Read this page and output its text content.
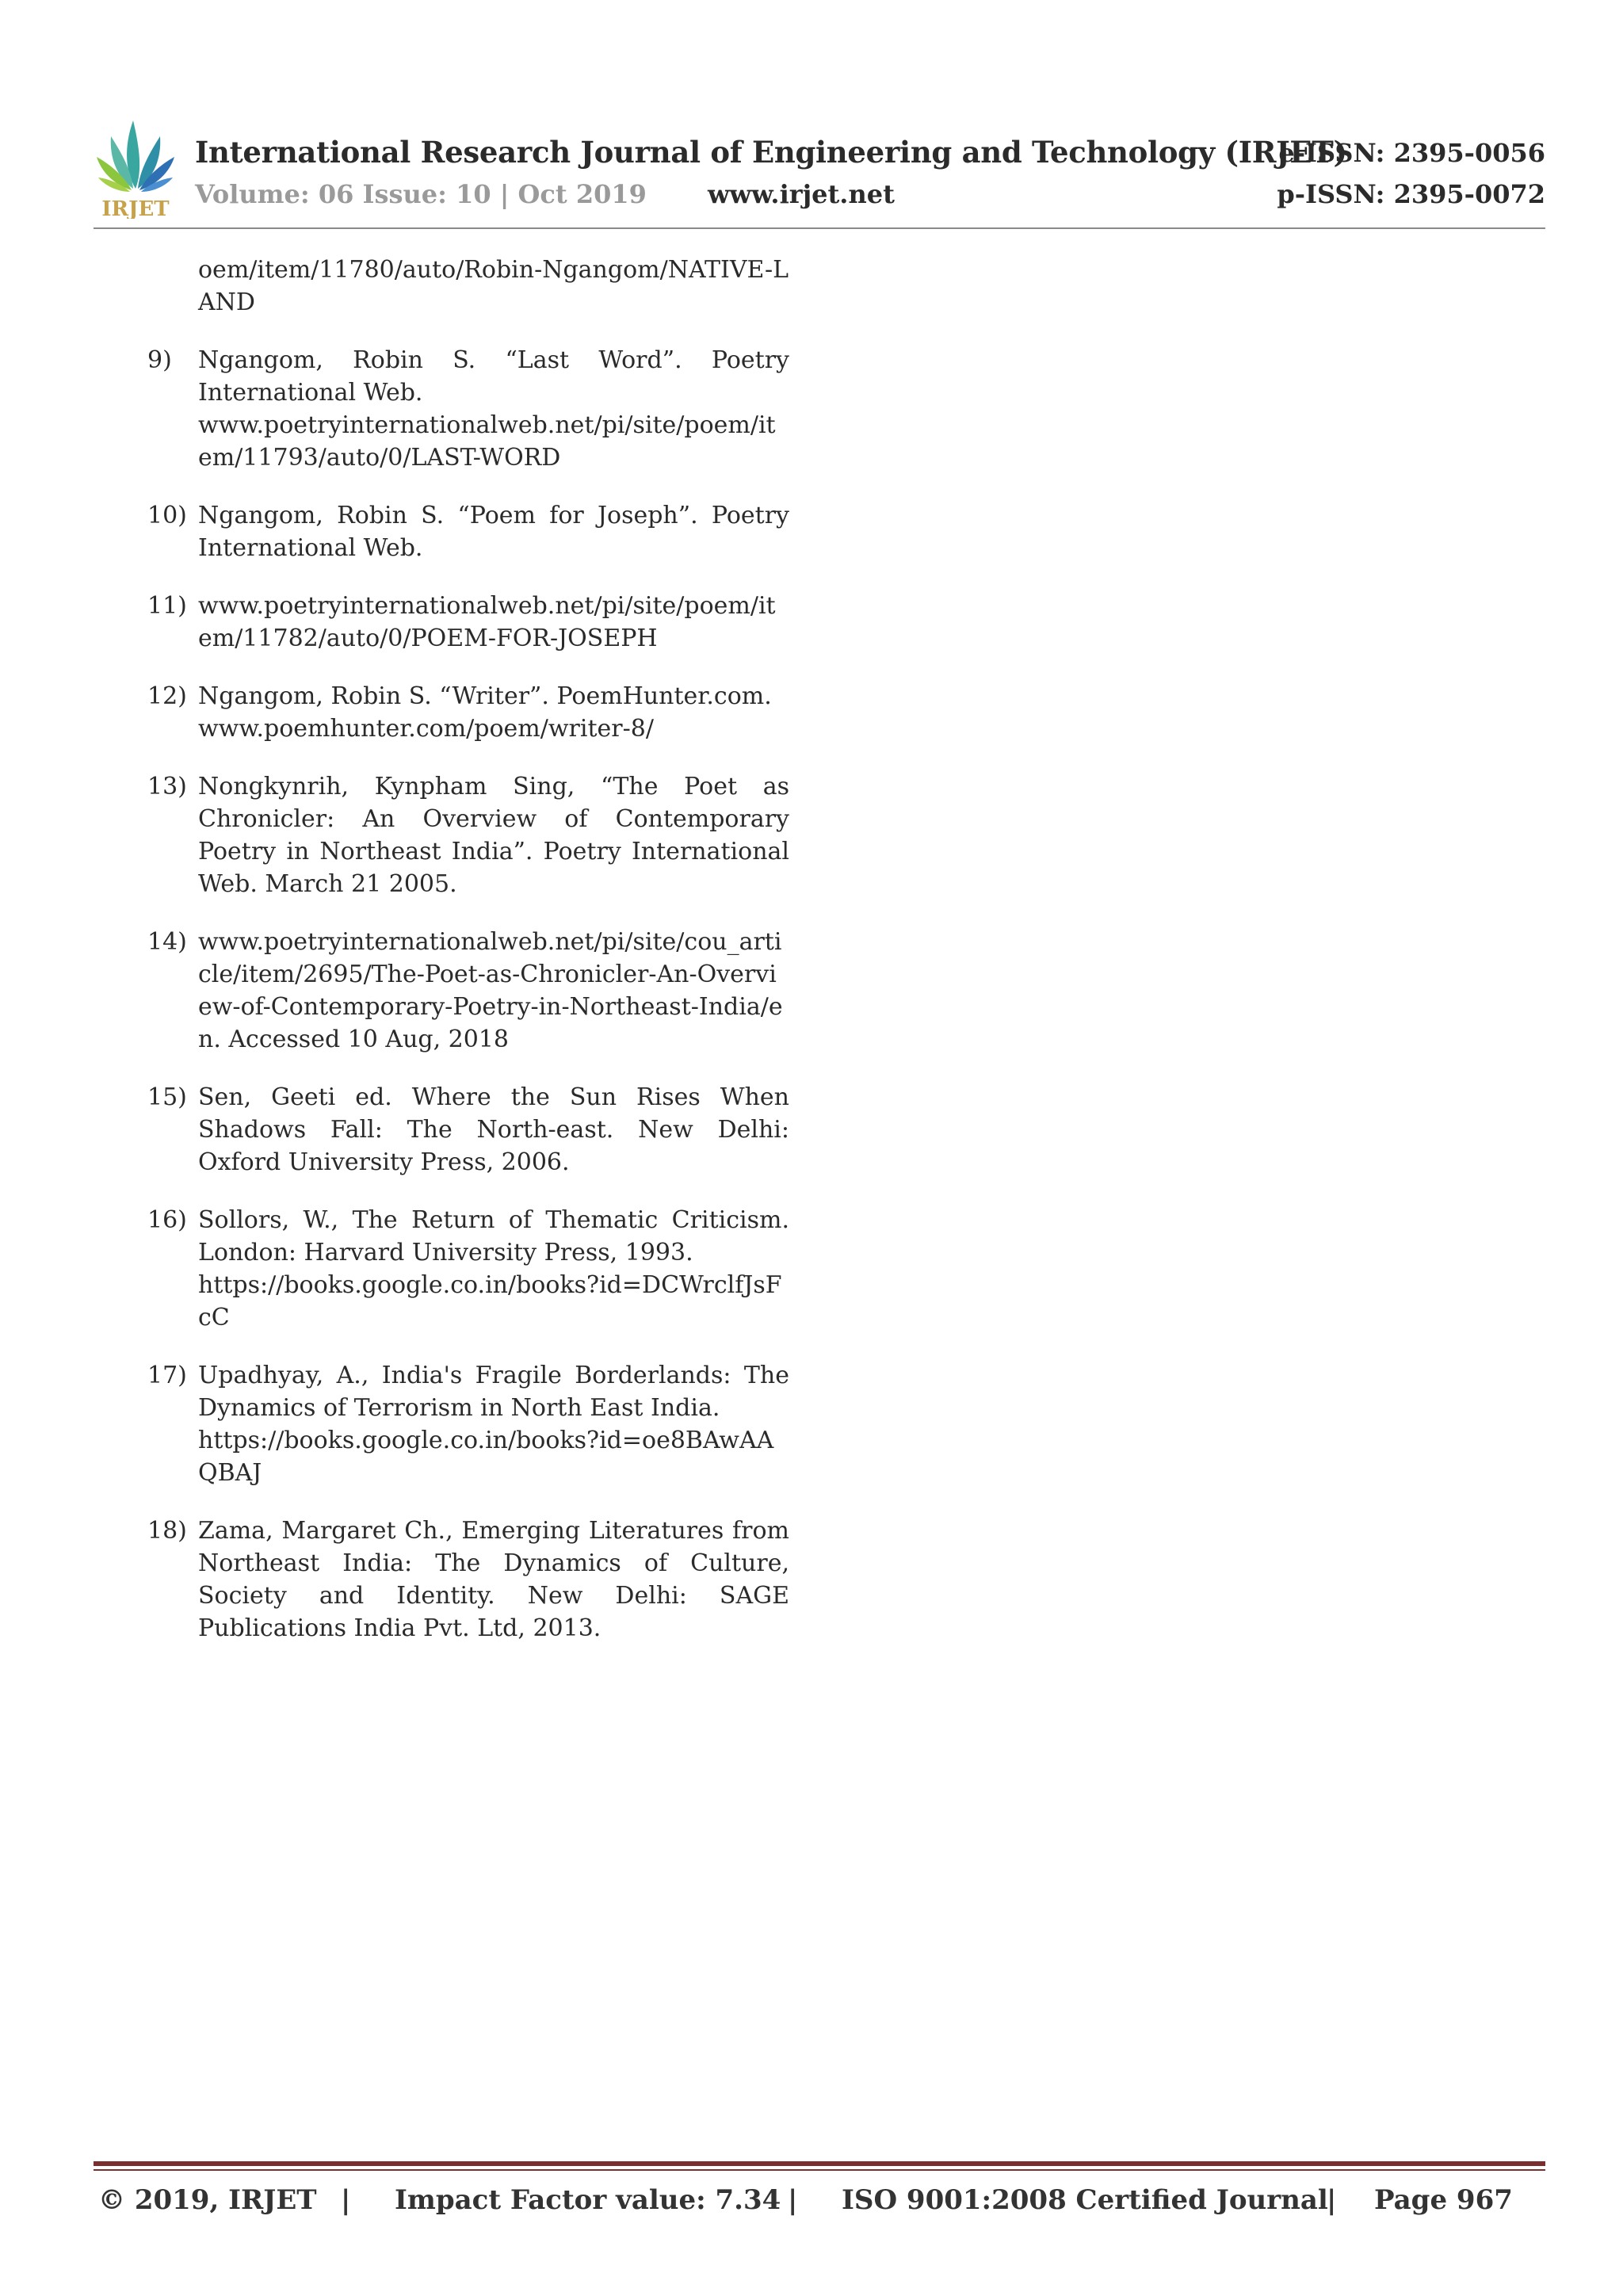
IRJET
International Research Journal of Engineering and Technology (IRJET)
Volume: 06 Issue: 10 | Oct 2019 www.irjet.net
e-ISSN: 2395-0056
p-ISSN: 2395-0072
oem/item/11780/auto/Robin-Ngangom/NATIVE-LAND
9) Ngangom, Robin S. “Last Word”. Poetry International Web.
www.poetryinternationalweb.net/pi/site/poem/item/11793/auto/0/LAST-WORD
10) Ngangom, Robin S. “Poem for Joseph”. Poetry International Web.
11) www.poetryinternationalweb.net/pi/site/poem/item/11782/auto/0/POEM-FOR-JOSEPH
12) Ngangom, Robin S. “Writer”. PoemHunter.com.
www.poemhunter.com/poem/writer-8/
13) Nongkynrih, Kynpham Sing, “The Poet as Chronicler: An Overview of Contemporary Poetry in Northeast India”. Poetry International Web. March 21 2005.
14) www.poetryinternationalweb.net/pi/site/cou_article/item/2695/The-Poet-as-Chronicler-An-Overview-of-Contemporary-Poetry-in-Northeast-India/en. Accessed 10 Aug, 2018
15) Sen, Geeti ed. Where the Sun Rises When Shadows Fall: The North-east. New Delhi: Oxford University Press, 2006.
16) Sollors, W., The Return of Thematic Criticism. London: Harvard University Press, 1993.
https://books.google.co.in/books?id=DCWrclfJsFcC
17) Upadhyay, A., India's Fragile Borderlands: The Dynamics of Terrorism in North East India.
https://books.google.co.in/books?id=oe8BAwAAQBAJ
18) Zama, Margaret Ch., Emerging Literatures from Northeast India: The Dynamics of Culture, Society and Identity. New Delhi: SAGE Publications India Pvt. Ltd, 2013.
© 2019, IRJET | Impact Factor value: 7.34 | ISO 9001:2008 Certified Journal
| Page 967
